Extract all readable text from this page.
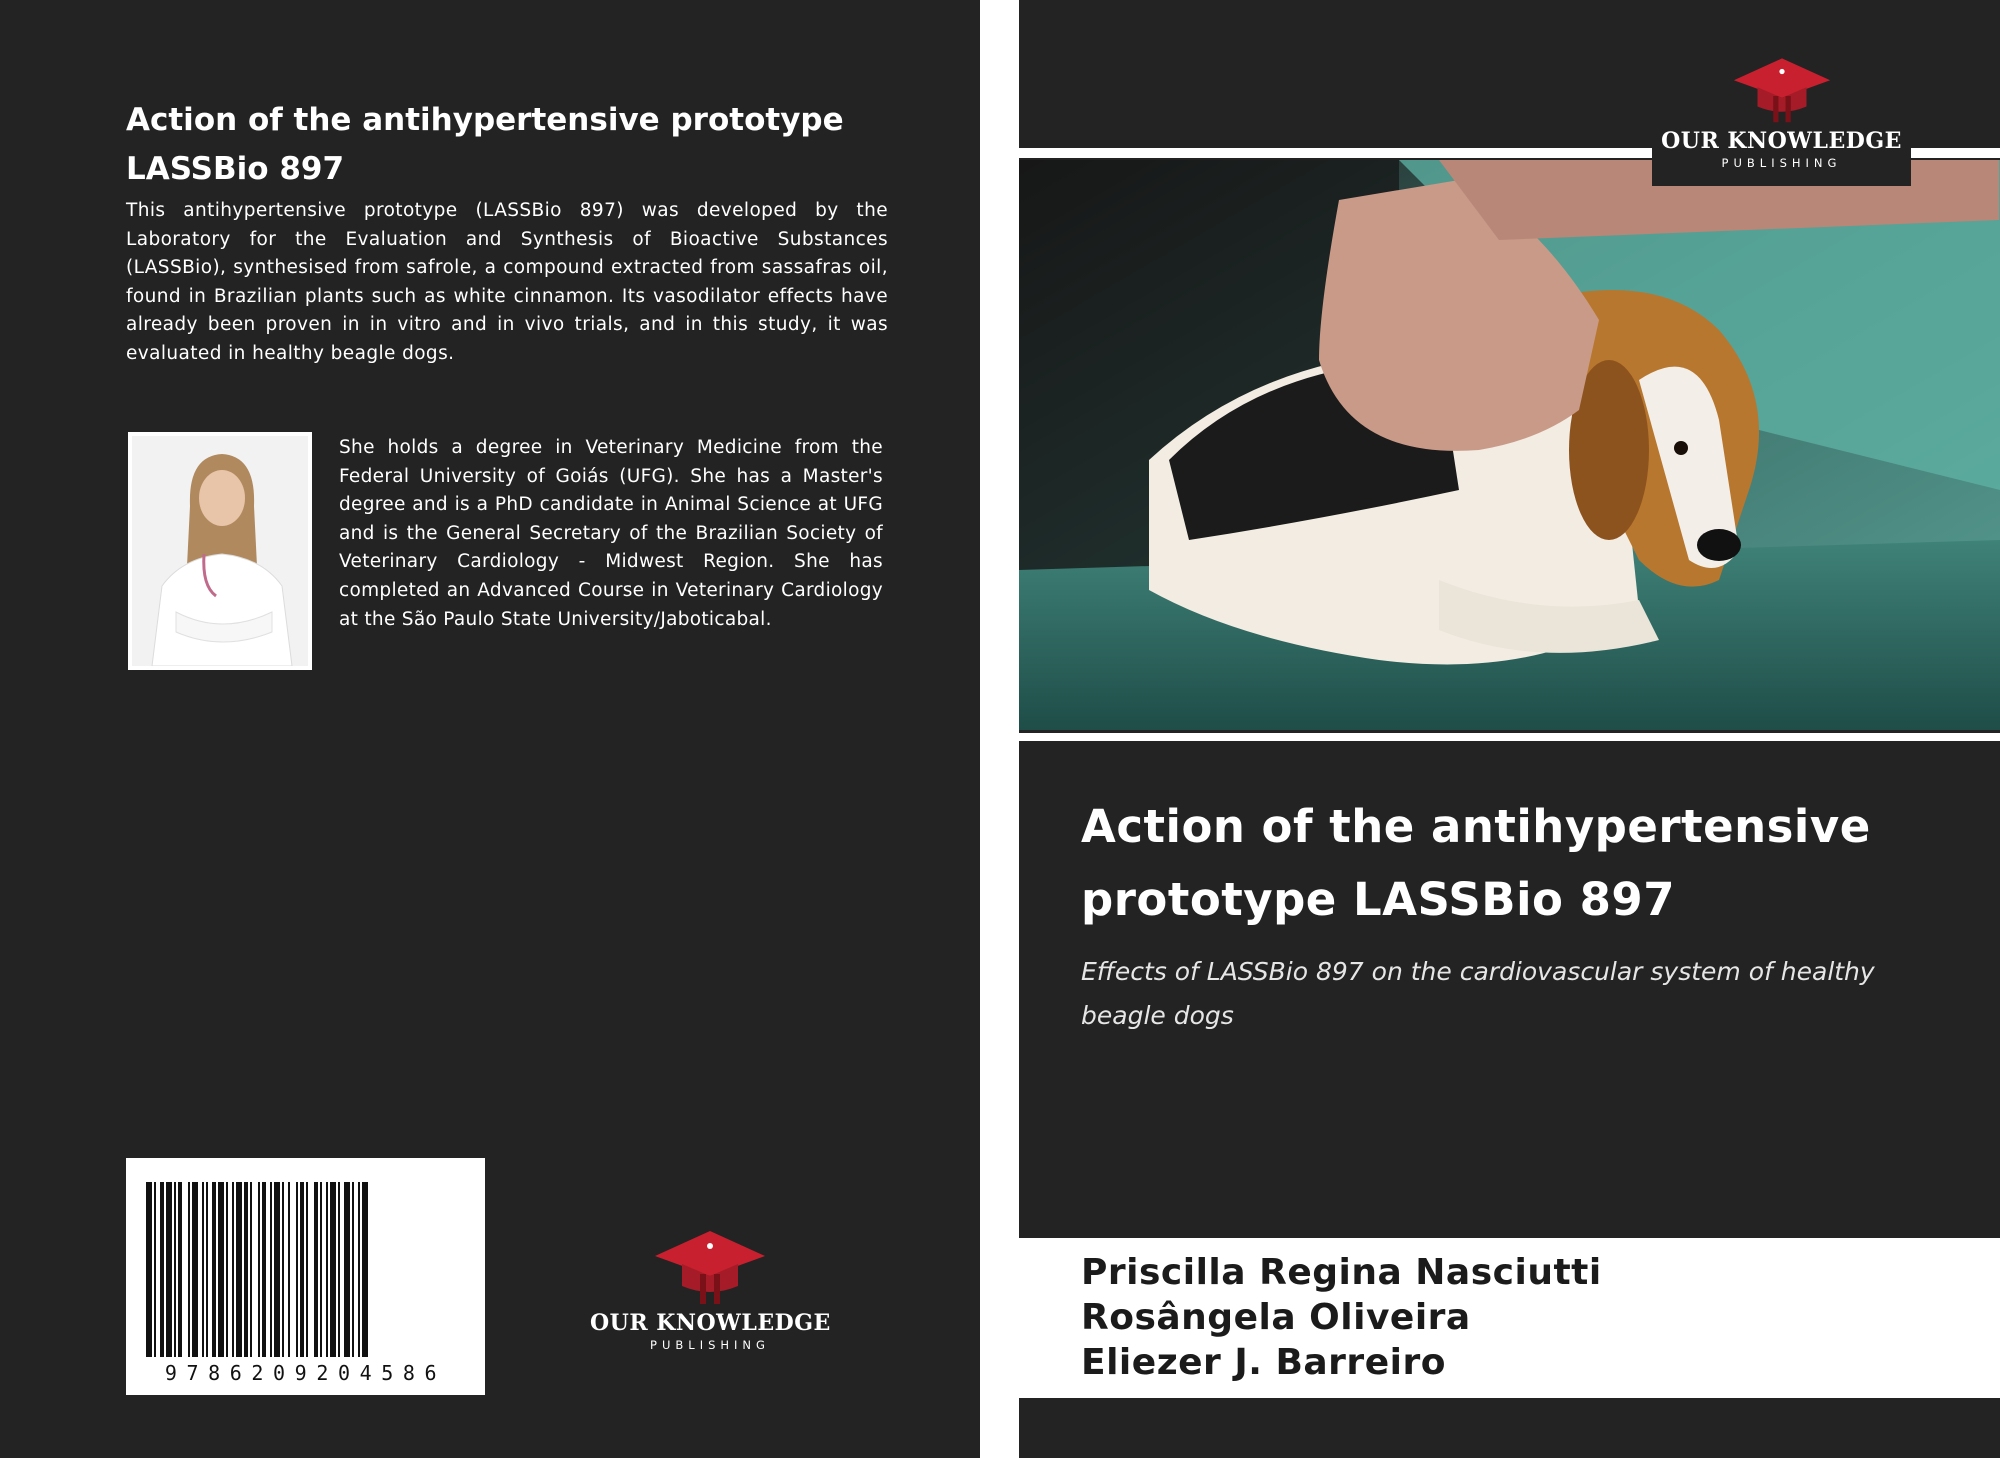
Action of the antihypertensive prototype LASSBio 897

This antihypertensive prototype (LASSBio 897) was developed by the Laboratory for the Evaluation and Synthesis of Bioactive Substances (LASSBio), synthesised from safrole, a compound extracted from sassafras oil, found in Brazilian plants such as white cinnamon. Its vasodilator effects have already been proven in in vitro and in vivo trials, and in this study, it was evaluated in healthy beagle dogs.

She holds a degree in Veterinary Medicine from the Federal University of Goiás (UFG). She has a Master's degree and is a PhD candidate in Animal Science at UFG and is the General Secretary of the Brazilian Society of Veterinary Cardiology - Midwest Region. She has completed an Advanced Course in Veterinary Cardiology at the São Paulo State University/Jaboticabal.

9786209204586
OUR KNOWLEDGE
PUBLISHING
OUR KNOWLEDGE
PUBLISHING
Action of the antihypertensive prototype LASSBio 897

Effects of LASSBio 897 on the cardiovascular system of healthy beagle dogs

Priscilla Regina Nasciutti
Rosângela Oliveira
Eliezer J. Barreiro
